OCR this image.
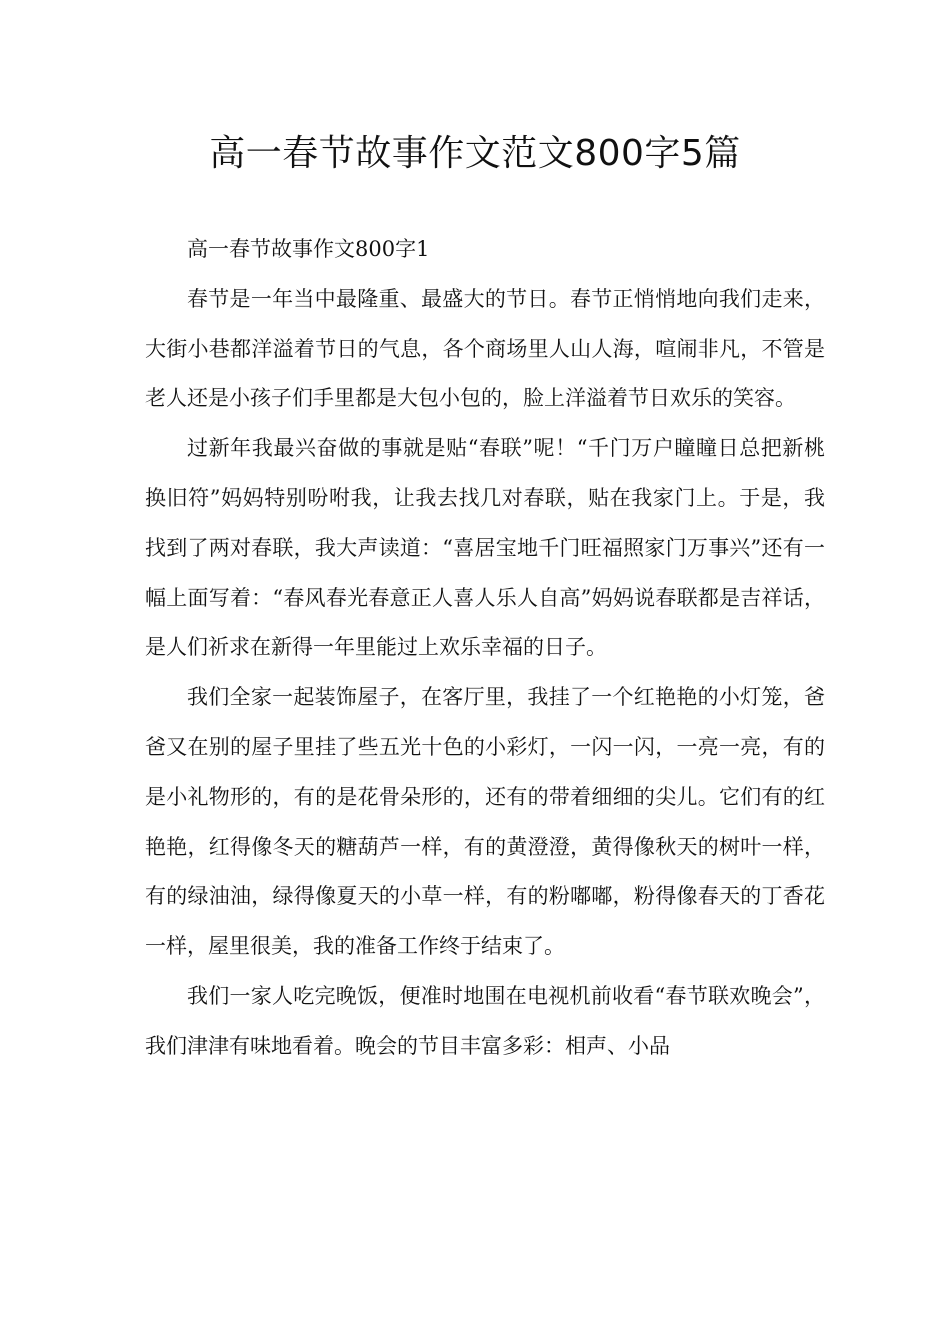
高一春节故事作文范文800字5篇

高一春节故事作文800字1

春节是一年当中最隆重、最盛大的节日。春节正悄悄地向我们走来，大街小巷都洋溢着节日的气息，各个商场里人山人海，喧闹非凡，不管是老人还是小孩子们手里都是大包小包的，脸上洋溢着节日欢乐的笑容。

过新年我最兴奋做的事就是贴“春联”呢！“千门万户瞳瞳日总把新桃换旧符”妈妈特别吩咐我，让我去找几对春联，贴在我家门上。于是，我找到了两对春联，我大声读道：“喜居宝地千门旺福照家门万事兴”还有一幅上面写着：“春风春光春意正人喜人乐人自高”妈妈说春联都是吉祥话，是人们祈求在新得一年里能过上欢乐幸福的日子。

我们全家一起装饰屋子，在客厅里，我挂了一个红艳艳的小灯笼，爸爸又在别的屋子里挂了些五光十色的小彩灯，一闪一闪，一亮一亮，有的是小礼物形的，有的是花骨朵形的，还有的带着细细的尖儿。它们有的红艳艳，红得像冬天的糖葫芦一样，有的黄澄澄，黄得像秋天的树叶一样，有的绿油油，绿得像夏天的小草一样，有的粉嘟嘟，粉得像春天的丁香花一样，屋里很美，我的准备工作终于结束了。

我们一家人吃完晚饭，便准时地围在电视机前收看“春节联欢晚会”，我们津津有味地看着。晚会的节目丰富多彩：相声、小品
